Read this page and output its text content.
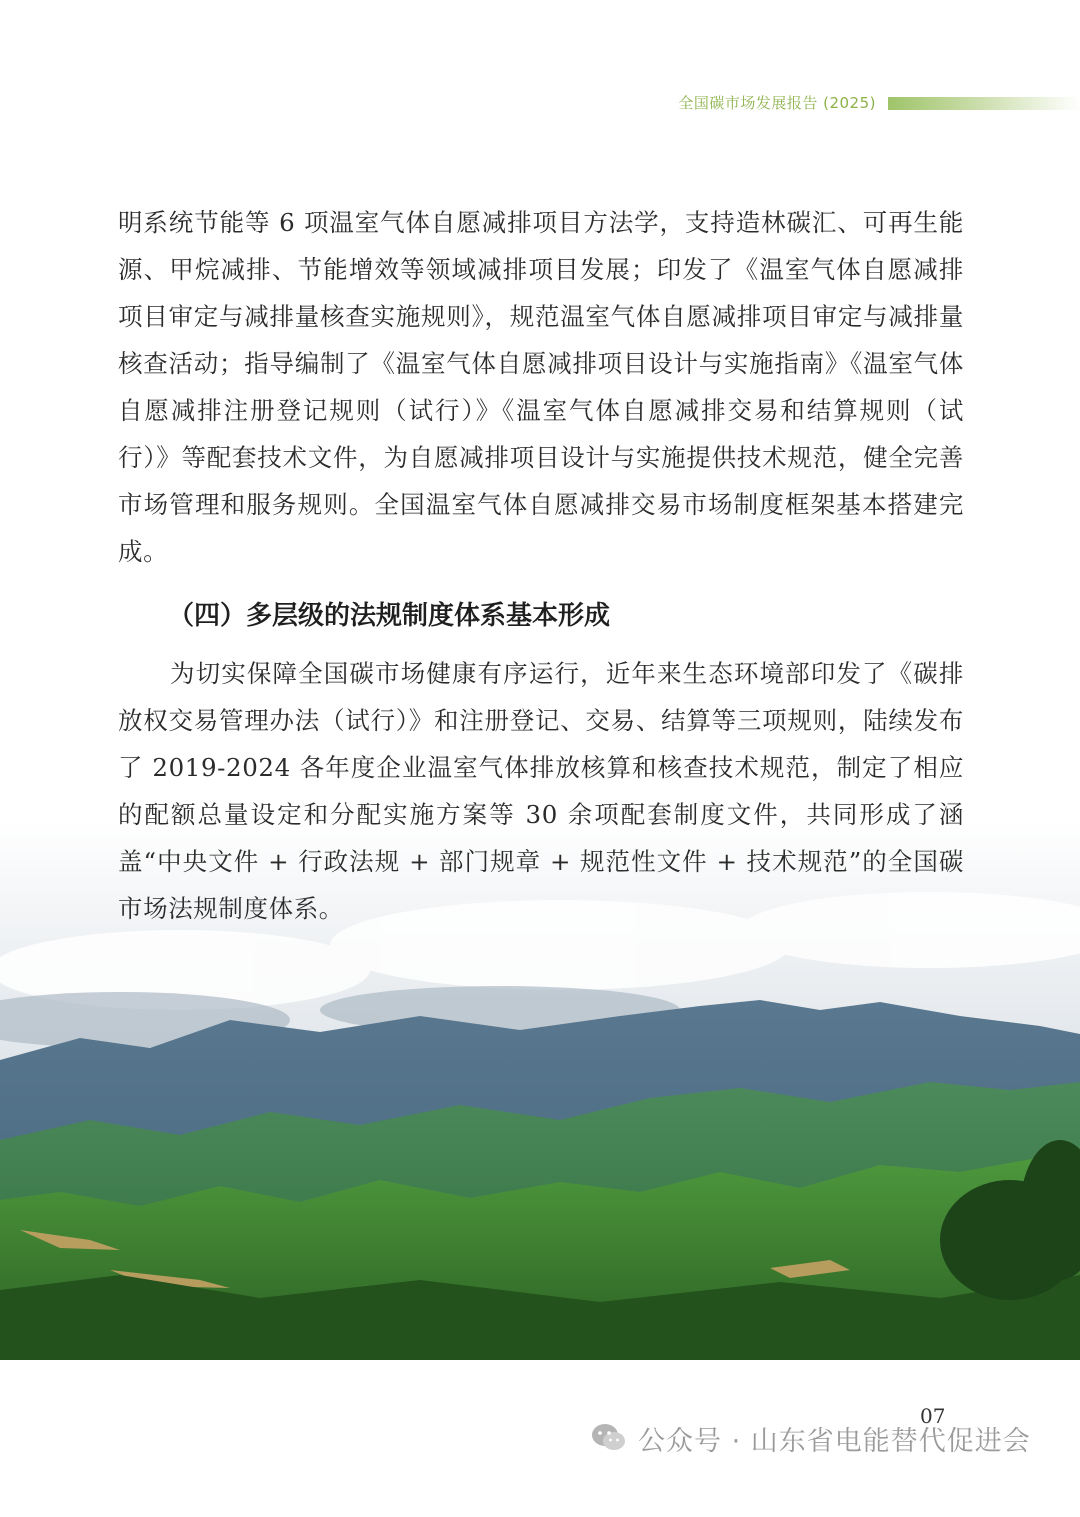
全国碳市场发展报告 (2025)

明系统节能等 6 项温室气体自愿减排项目方法学，支持造林碳汇、可再生能源、甲烷减排、节能增效等领域减排项目发展；印发了《温室气体自愿减排项目审定与减排量核查实施规则》，规范温室气体自愿减排项目审定与减排量核查活动；指导编制了《温室气体自愿减排项目设计与实施指南》《温室气体自愿减排注册登记规则（试行）》《温室气体自愿减排交易和结算规则（试行）》等配套技术文件，为自愿减排项目设计与实施提供技术规范，健全完善市场管理和服务规则。全国温室气体自愿减排交易市场制度框架基本搭建完成。

（四）多层级的法规制度体系基本形成

为切实保障全国碳市场健康有序运行，近年来生态环境部印发了《碳排放权交易管理办法（试行）》和注册登记、交易、结算等三项规则，陆续发布了 2019-2024 各年度企业温室气体排放核算和核查技术规范，制定了相应的配额总量设定和分配实施方案等 30 余项配套制度文件，共同形成了涵盖“中央文件 + 行政法规 + 部门规章 + 规范性文件 + 技术规范”的全国碳市场法规制度体系。

07
公众号 · 山东省电能替代促进会
